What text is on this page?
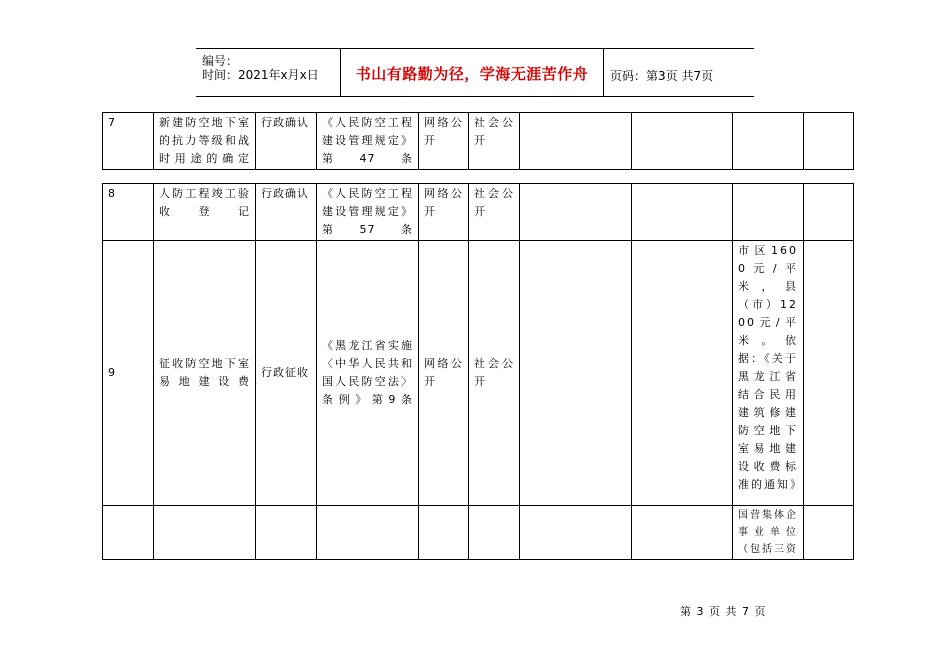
编号：
时间：2021年x月x日	书山有路勤为径，学海无涯苦作舟	页码：第3页 共7页
7	新建防空地下室的抗力等级和战时用途的确定	行政确认	《人民防空工程建设管理规定》第47条	网络公开	社会公开				
8	人防工程竣工验收登记	行政确认	《人民防空工程建设管理规定》第57条	网络公开	社会公开				
9	征收防空地下室易地建设费	行政征收	《黑龙江省实施〈中华人民共和国人民防空法〉条例》第9条	网络公开	社会公开			市区1600元/平米，县（市）1200元/平米。依据：《关于黑龙江省结合民用建筑修建防空地下室易地建设收费标准的通知》	
								国营集体企事业单位（包括三资	
第 3 页 共 7 页
